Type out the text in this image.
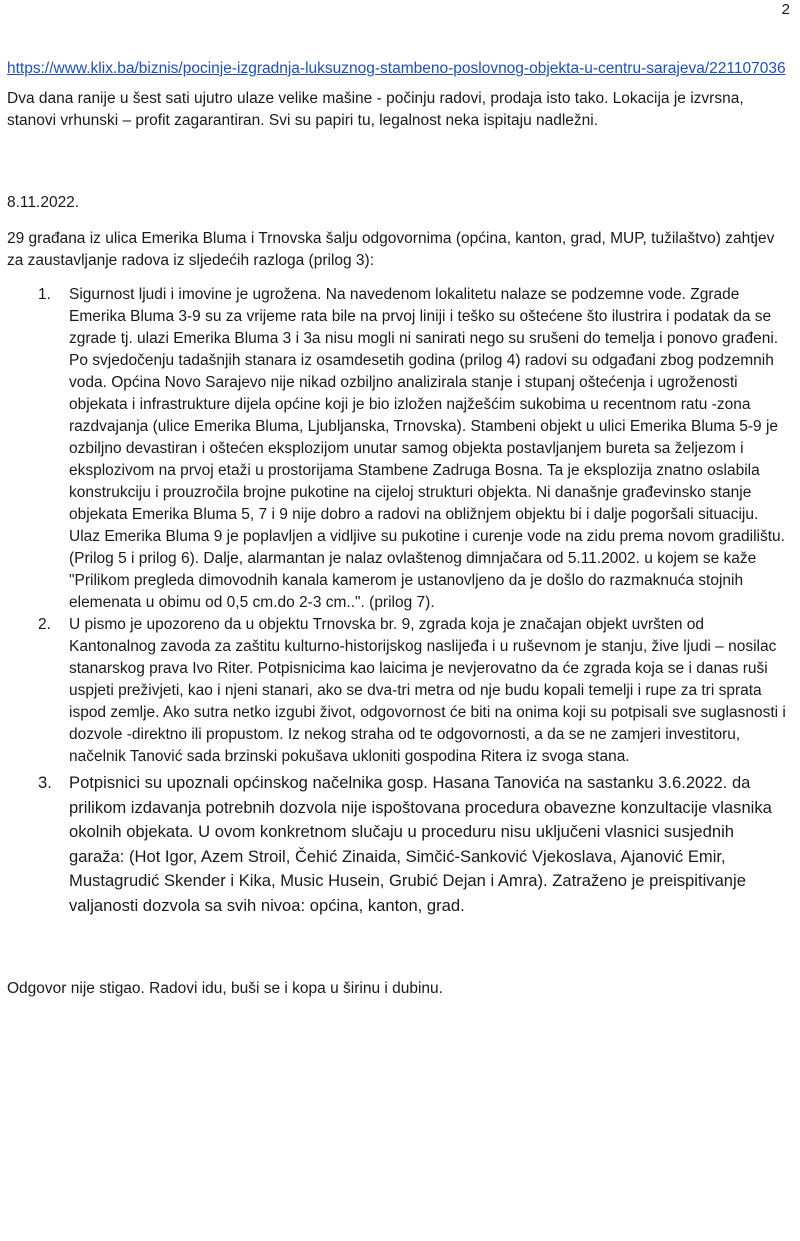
2
https://www.klix.ba/biznis/pocinje-izgradnja-luksuznog-stambeno-poslovnog-objekta-u-centru-sarajeva/221107036

Dva dana ranije u šest sati ujutro ulaze velike mašine - počinju radovi, prodaja isto tako. Lokacija je izvrsna, stanovi vrhunski – profit zagarantiran. Svi su papiri tu, legalnost neka ispitaju nadležni.

8.11.2022.

29 građana iz ulica Emerika Bluma i Trnovska šalju odgovornima (općina, kanton, grad, MUP, tužilaštvo) zahtjev za zaustavljanje radova iz sljedećih razloga (prilog 3):

1. Sigurnost ljudi i imovine je ugrožena. Na navedenom lokalitetu nalaze se podzemne vode. Zgrade Emerika Bluma 3-9 su za vrijeme rata bile na prvoj liniji i teško su oštećene što ilustrira i podatak da se zgrade tj. ulazi Emerika Bluma 3 i 3a nisu mogli ni sanirati nego su srušeni do temelja i ponovo građeni. Po svjedočenju tadašnjih stanara iz osamdesetih godina (prilog 4) radovi su odgađani zbog podzemnih voda. Općina Novo Sarajevo nije nikad ozbiljno analizirala stanje i stupanj oštećenja i ugroženosti objekata i infrastrukture dijela općine koji je bio izložen najžešćim sukobima u recentnom ratu -zona razdvajanja (ulice Emerika Bluma, Ljubljanska, Trnovska). Stambeni objekt u ulici Emerika Bluma 5-9 je ozbiljno devastiran i oštećen eksplozijom unutar samog objekta postavljanjem bureta sa željezom i eksplozivom na prvoj etaži u prostorijama Stambene Zadruga Bosna. Ta je eksplozija znatno oslabila konstrukciju i prouzročila brojne pukotine na cijeloj strukturi objekta. Ni današnje građevinsko stanje objekata Emerika Bluma 5, 7 i 9 nije dobro a radovi na obližnjem objektu bi i dalje pogoršali situaciju. Ulaz Emerika Bluma 9 je poplavljen a vidljive su pukotine i curenje vode na zidu prema novom gradilištu. (Prilog 5 i prilog 6). Dalje, alarmantan je nalaz ovlaštenog dimnjačara od 5.11.2002. u kojem se kaže "Prilikom pregleda dimovodnih kanala kamerom je ustanovljeno da je došlo do razmaknuća stojnih elemenata u obimu od 0,5 cm.do 2-3 cm..". (prilog 7).
2. U pismo je upozoreno da u objektu Trnovska br. 9, zgrada koja je značajan objekt uvršten od Kantonalnog zavoda za zaštitu kulturno-historijskog naslijeđa i u ruševnom je stanju, žive ljudi – nosilac stanarskog prava Ivo Riter. Potpisnicima kao laicima je nevjerovatno da će zgrada koja se i danas ruši uspjeti preživjeti, kao i njeni stanari, ako se dva-tri metra od nje budu kopali temelji i rupe za tri sprata ispod zemlje. Ako sutra netko izgubi život, odgovornost će biti na onima koji su potpisali sve suglasnosti i dozvole -direktno ili propustom. Iz nekog straha od te odgovornosti, a da se ne zamjeri investitoru, načelnik Tanović sada brzinski pokušava ukloniti gospodina Ritera iz svoga stana.
3. Potpisnici su upoznali općinskog načelnika gosp. Hasana Tanovića na sastanku 3.6.2022. da prilikom izdavanja potrebnih dozvola nije ispoštovana procedura obavezne konzultacije vlasnika okolnih objekata. U ovom konkretnom slučaju u proceduru nisu uključeni vlasnici susjednih garaža: (Hot Igor, Azem Stroil, Čehić Zinaida, Simčić-Sanković Vjekoslava, Ajanović Emir, Mustagrudić Skender i Kika, Music Husein, Grubić Dejan i Amra). Zatraženo je preispitivanje valjanosti dozvola sa svih nivoa: općina, kanton, grad.

Odgovor nije stigao. Radovi idu, buši se i kopa u širinu i dubinu.
